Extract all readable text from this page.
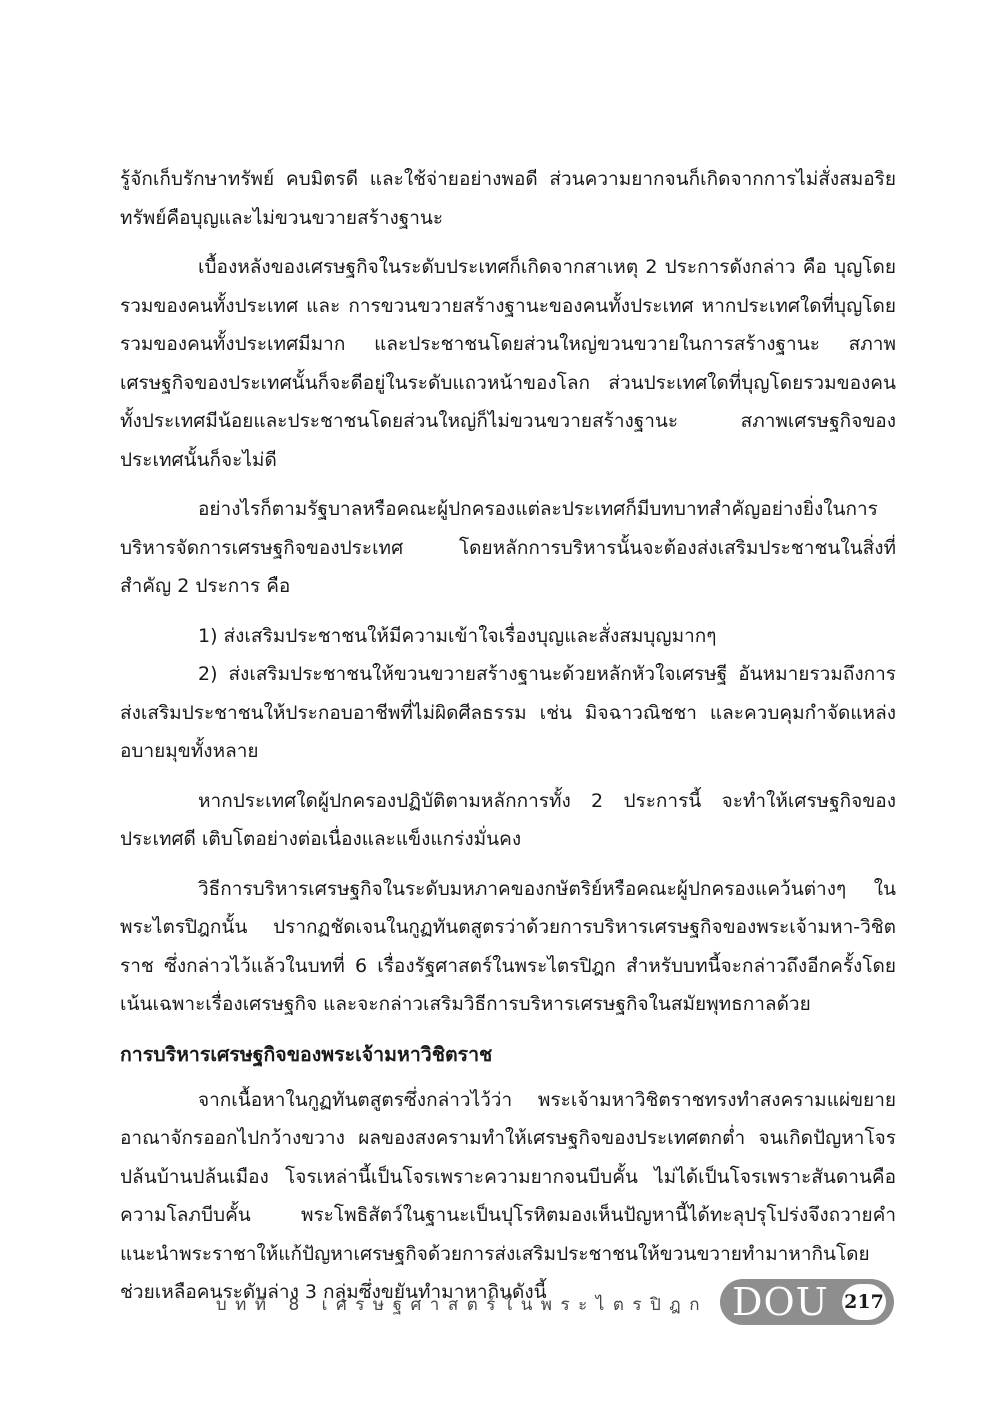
รู้จักเก็บรักษาทรัพย์ คบมิตรดี และใช้จ่ายอย่างพอดี ส่วนความยากจนก็เกิดจากการไม่สั่งสมอริยทรัพย์คือบุญและไม่ขวนขวายสร้างฐานะ

เบื้องหลังของเศรษฐกิจในระดับประเทศก็เกิดจากสาเหตุ 2 ประการดังกล่าว คือ บุญโดยรวมของคนทั้งประเทศ และ การขวนขวายสร้างฐานะของคนทั้งประเทศ หากประเทศใดที่บุญโดยรวมของคนทั้งประเทศมีมาก และประชาชนโดยส่วนใหญ่ขวนขวายในการสร้างฐานะ สภาพเศรษฐกิจของประเทศนั้นก็จะดีอยู่ในระดับแถวหน้าของโลก ส่วนประเทศใดที่บุญโดยรวมของคนทั้งประเทศมีน้อยและประชาชนโดยส่วนใหญ่ก็ไม่ขวนขวายสร้างฐานะ สภาพเศรษฐกิจของประเทศนั้นก็จะไม่ดี

อย่างไรก็ตามรัฐบาลหรือคณะผู้ปกครองแต่ละประเทศก็มีบทบาทสำคัญอย่างยิ่งในการบริหารจัดการเศรษฐกิจของประเทศ โดยหลักการบริหารนั้นจะต้องส่งเสริมประชาชนในสิ่งที่สำคัญ 2 ประการ คือ

1) ส่งเสริมประชาชนให้มีความเข้าใจเรื่องบุญและสั่งสมบุญมากๆ

2) ส่งเสริมประชาชนให้ขวนขวายสร้างฐานะด้วยหลักหัวใจเศรษฐี อันหมายรวมถึงการส่งเสริมประชาชนให้ประกอบอาชีพที่ไม่ผิดศีลธรรม เช่น มิจฉาวณิชชา และควบคุมกำจัดแหล่งอบายมุขทั้งหลาย

หากประเทศใดผู้ปกครองปฏิบัติตามหลักการทั้ง 2 ประการนี้ จะทำให้เศรษฐกิจของประเทศดี เติบโตอย่างต่อเนื่องและแข็งแกร่งมั่นคง

วิธีการบริหารเศรษฐกิจในระดับมหภาคของกษัตริย์หรือคณะผู้ปกครองแคว้นต่างๆ ในพระไตรปิฎกนั้น ปรากฏชัดเจนในกูฏทันตสูตรว่าด้วยการบริหารเศรษฐกิจของพระเจ้ามหา-วิชิตราช ซึ่งกล่าวไว้แล้วในบทที่ 6 เรื่องรัฐศาสตร์ในพระไตรปิฎก สำหรับบทนี้จะกล่าวถึงอีกครั้งโดยเน้นเฉพาะเรื่องเศรษฐกิจ และจะกล่าวเสริมวิธีการบริหารเศรษฐกิจในสมัยพุทธกาลด้วย

การบริหารเศรษฐกิจของพระเจ้ามหาวิชิตราช

จากเนื้อหาในกูฏทันตสูตรซึ่งกล่าวไว้ว่า พระเจ้ามหาวิชิตราชทรงทำสงครามแผ่ขยายอาณาจักรออกไปกว้างขวาง ผลของสงครามทำให้เศรษฐกิจของประเทศตกต่ำ จนเกิดปัญหาโจรปล้นบ้านปล้นเมือง โจรเหล่านี้เป็นโจรเพราะความยากจนบีบคั้น ไม่ได้เป็นโจรเพราะสันดานคือความโลภบีบคั้น พระโพธิสัตว์ในฐานะเป็นปุโรหิตมองเห็นปัญหานี้ได้ทะลุปรุโปร่งจึงถวายคำแนะนำพระราชาให้แก้ปัญหาเศรษฐกิจด้วยการส่งเสริมประชาชนให้ขวนขวายทำมาหากินโดยช่วยเหลือคนระดับล่าง 3 กลุ่มซึ่งขยันทำมาหากินดังนี้

บทที่ 8 เศรษฐศาสตร์ในพระไตรปิฎก DOU 217
